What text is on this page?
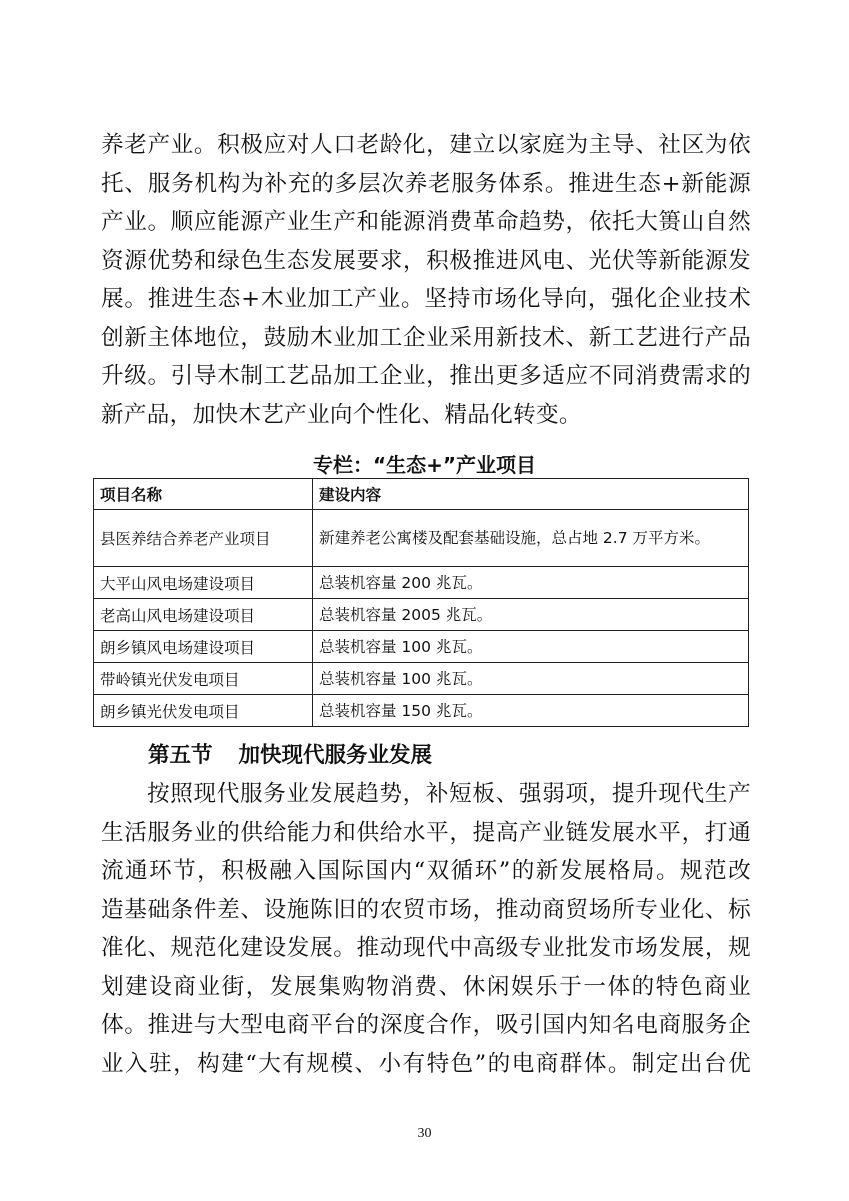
养老产业。积极应对人口老龄化，建立以家庭为主导、社区为依
托、服务机构为补充的多层次养老服务体系。推进生态+新能源
产业。顺应能源产业生产和能源消费革命趋势，依托大篑山自然
资源优势和绿色生态发展要求，积极推进风电、光伏等新能源发
展。推进生态+木业加工产业。坚持市场化导向，强化企业技术
创新主体地位，鼓励木业加工企业采用新技术、新工艺进行产品
升级。引导木制工艺品加工企业，推出更多适应不同消费需求的
新产品，加快木艺产业向个性化、精品化转变。
专栏：“生态+”产业项目
项目名称	建设内容
县医养结合养老产业项目	新建养老公寓楼及配套基础设施，总占地 2.7 万平方米。
大平山风电场建设项目	总装机容量 200 兆瓦。
老高山风电场建设项目	总装机容量 2005 兆瓦。
朗乡镇风电场建设项目	总装机容量 100 兆瓦。
带岭镇光伏发电项目	总装机容量 100 兆瓦。
朗乡镇光伏发电项目	总装机容量 150 兆瓦。
第五节 加快现代服务业发展
按照现代服务业发展趋势，补短板、强弱项，提升现代生产
生活服务业的供给能力和供给水平，提高产业链发展水平，打通
流通环节，积极融入国际国内“双循环”的新发展格局。规范改
造基础条件差、设施陈旧的农贸市场，推动商贸场所专业化、标
准化、规范化建设发展。推动现代中高级专业批发市场发展，规
划建设商业街，发展集购物消费、休闲娱乐于一体的特色商业
体。推进与大型电商平台的深度合作，吸引国内知名电商服务企
业入驻，构建“大有规模、小有特色”的电商群体。制定出台优
30
